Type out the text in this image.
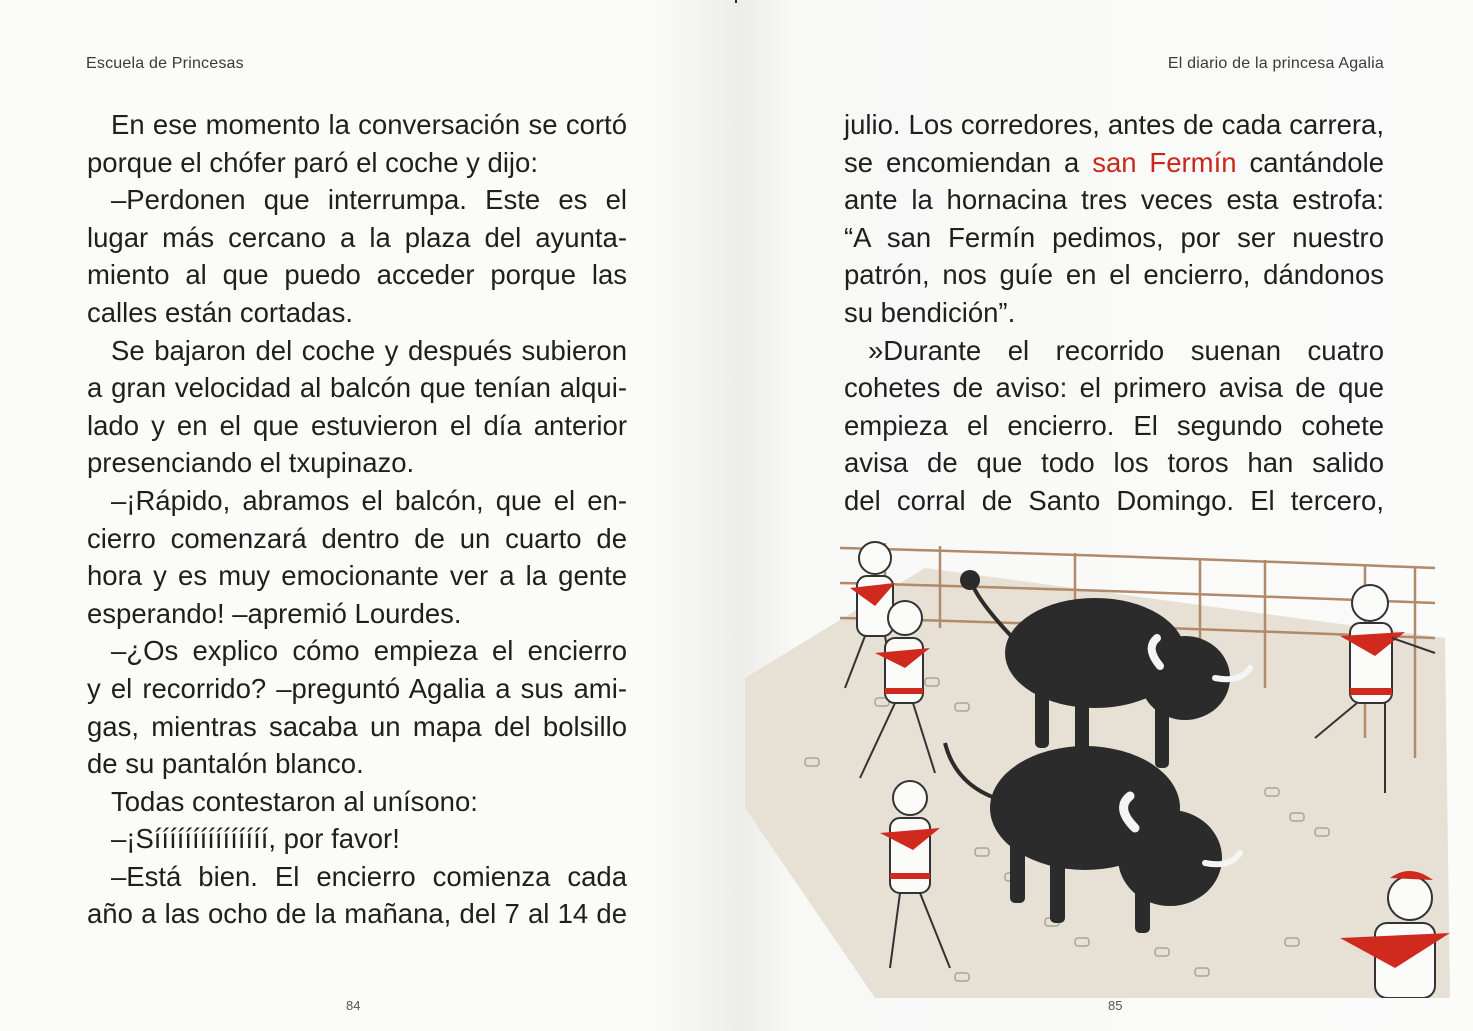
Escuela de Princesas
En ese momento la conversación se cortó
porque el chófer paró el coche y dijo:
–Perdonen que interrumpa. Este es el
lugar más cercano a la plaza del ayunta-
miento al que puedo acceder porque las
calles están cortadas.
Se bajaron del coche y después subieron
a gran velocidad al balcón que tenían alqui-
lado y en el que estuvieron el día anterior
presenciando el txupinazo.
–¡Rápido, abramos el balcón, que el en-
cierro comenzará dentro de un cuarto de
hora y es muy emocionante ver a la gente
esperando! –apremió Lourdes.
–¿Os explico cómo empieza el encierro
y el recorrido? –preguntó Agalia a sus ami-
gas, mientras sacaba un mapa del bolsillo
de su pantalón blanco.
Todas contestaron al unísono:
–¡Sííííííííííííííí, por favor!
–Está bien. El encierro comienza cada
año a las ocho de la mañana, del 7 al 14 de
84
El diario de la princesa Agalia
julio. Los corredores, antes de cada carrera,
se encomiendan a san Fermín cantándole
ante la hornacina tres veces esta estrofa:
“A san Fermín pedimos, por ser nuestro
patrón, nos guíe en el encierro, dándonos
su bendición”.
»Durante el recorrido suenan cuatro
cohetes de aviso: el primero avisa de que
empieza el encierro. El segundo cohete
avisa de que todo los toros han salido
del corral de Santo Domingo. El tercero,
85
